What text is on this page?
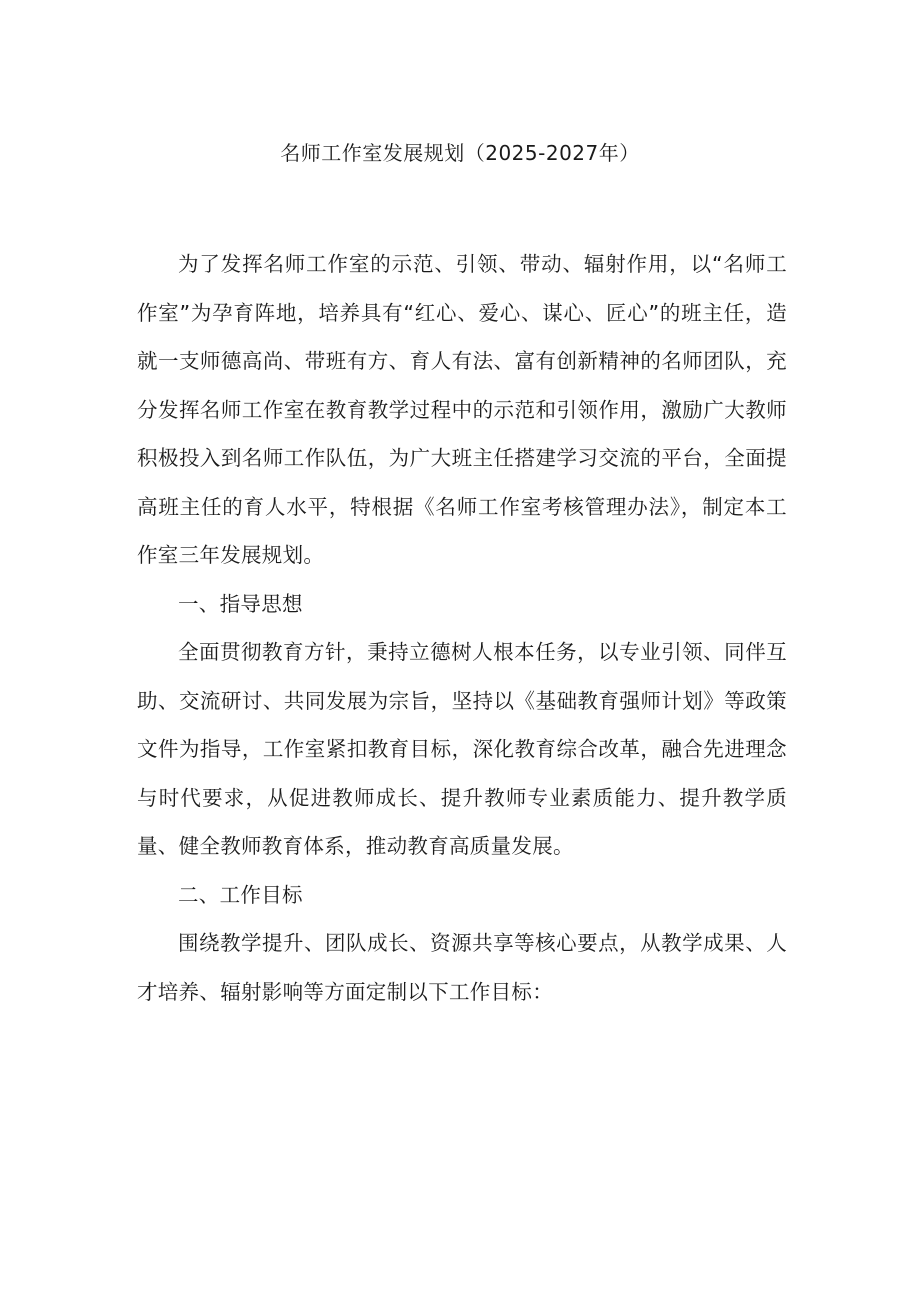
名师工作室发展规划（2025-2027年）

为了发挥名师工作室的示范、引领、带动、辐射作用，以“名师工作室”为孕育阵地，培养具有“红心、爱心、谋心、匠心”的班主任，造就一支师德高尚、带班有方、育人有法、富有创新精神的名师团队，充分发挥名师工作室在教育教学过程中的示范和引领作用，激励广大教师积极投入到名师工作队伍，为广大班主任搭建学习交流的平台，全面提高班主任的育人水平，特根据《名师工作室考核管理办法》，制定本工作室三年发展规划。

一、指导思想

全面贯彻教育方针，秉持立德树人根本任务，以专业引领、同伴互助、交流研讨、共同发展为宗旨，坚持以《基础教育强师计划》等政策文件为指导，工作室紧扣教育目标，深化教育综合改革，融合先进理念与时代要求，从促进教师成长、提升教师专业素质能力、提升教学质量、健全教师教育体系，推动教育高质量发展。

二、工作目标

围绕教学提升、团队成长、资源共享等核心要点，从教学成果、人才培养、辐射影响等方面定制以下工作目标：
